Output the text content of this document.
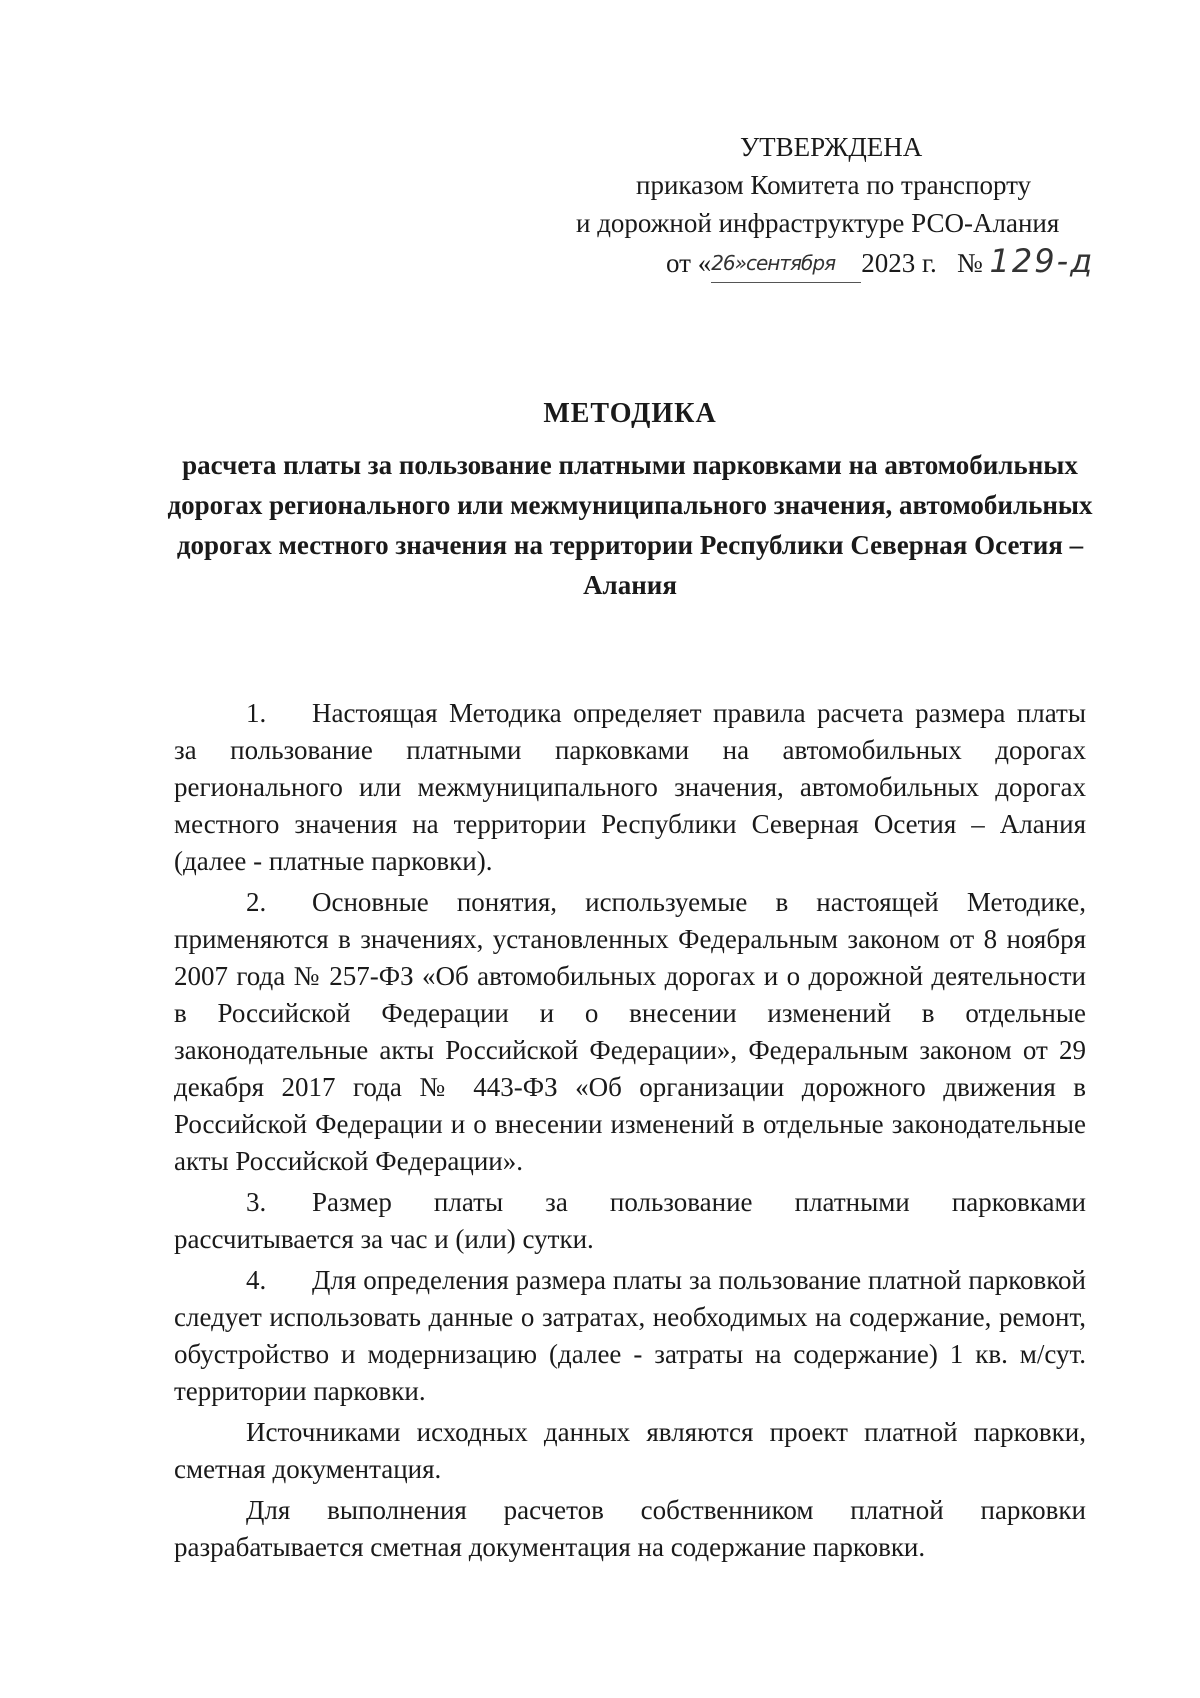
УТВЕРЖДЕНА
приказом Комитета по транспорту
и дорожной инфраструктуре РСО-Алания
от «26»сентября 2023 г. № 129-д
МЕТОДИКА
расчета платы за пользование платными парковками на автомобильных дорогах регионального или межмуниципального значения, автомобильных дорогах местного значения на территории Республики Северная Осетия – Алания

1. Настоящая Методика определяет правила расчета размера платы за пользование платными парковками на автомобильных дорогах регионального или межмуниципального значения, автомобильных дорогах местного значения на территории Республики Северная Осетия – Алания (далее - платные парковки).

2. Основные понятия, используемые в настоящей Методике, применяются в значениях, установленных Федеральным законом от 8 ноября 2007 года № 257-ФЗ «Об автомобильных дорогах и о дорожной деятельности в Российской Федерации и о внесении изменений в отдельные законодательные акты Российской Федерации», Федеральным законом от 29 декабря 2017 года № 443-ФЗ «Об организации дорожного движения в Российской Федерации и о внесении изменений в отдельные законодательные акты Российской Федерации».

3. Размер платы за пользование платными парковками рассчитывается за час и (или) сутки.

4. Для определения размера платы за пользование платной парковкой следует использовать данные о затратах, необходимых на содержание, ремонт, обустройство и модернизацию (далее - затраты на содержание) 1 кв. м/сут. территории парковки.

Источниками исходных данных являются проект платной парковки, сметная документация.

Для выполнения расчетов собственником платной парковки разрабатывается сметная документация на содержание парковки.
